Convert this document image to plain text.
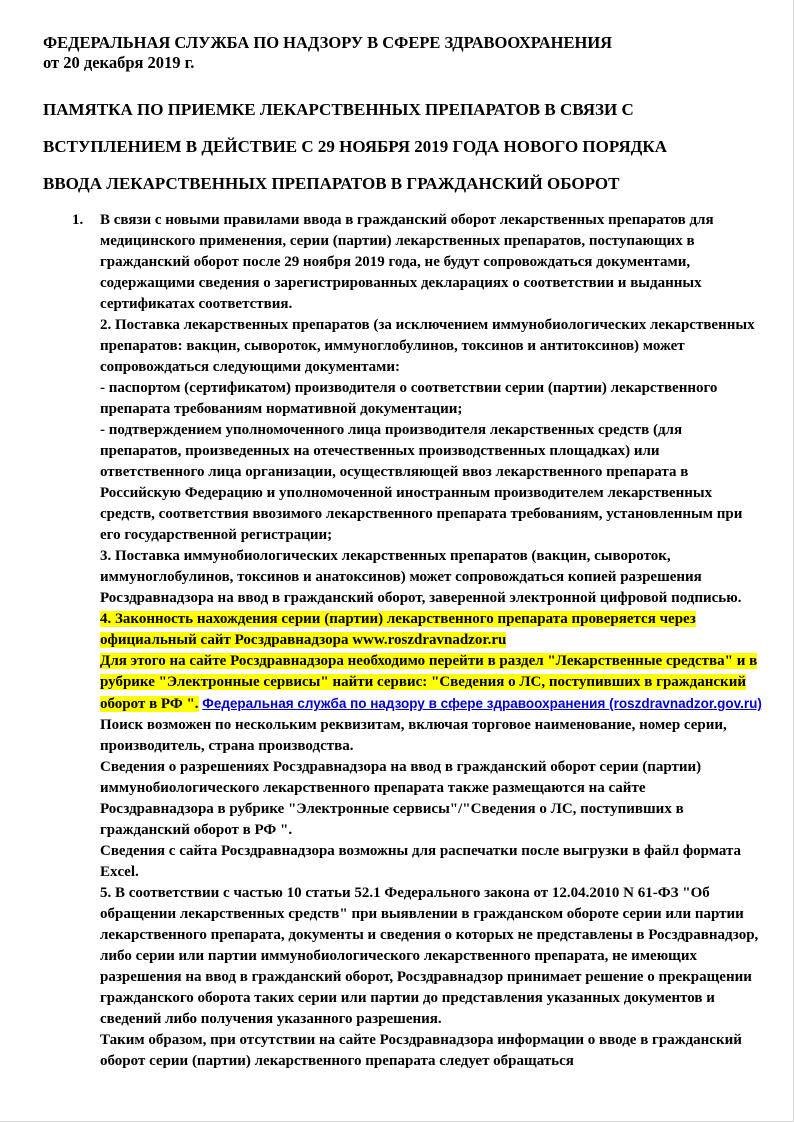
ФЕДЕРАЛЬНАЯ СЛУЖБА ПО НАДЗОРУ В СФЕРЕ ЗДРАВООХРАНЕНИЯ
от 20 декабря 2019 г.
ПАМЯТКА ПО ПРИЕМКЕ ЛЕКАРСТВЕННЫХ ПРЕПАРАТОВ В СВЯЗИ С
ВСТУПЛЕНИЕМ В ДЕЙСТВИЕ С 29 НОЯБРЯ 2019 ГОДА НОВОГО ПОРЯДКА
ВВОДА ЛЕКАРСТВЕННЫХ ПРЕПАРАТОВ В ГРАЖДАНСКИЙ ОБОРОТ
1. В связи с новыми правилами ввода в гражданский оборот лекарственных препаратов для медицинского применения, серии (партии) лекарственных препаратов, поступающих в гражданский оборот после 29 ноября 2019 года, не будут сопровождаться документами, содержащими сведения о зарегистрированных декларациях о соответствии и выданных сертификатах соответствия.
2. Поставка лекарственных препаратов (за исключением иммунобиологических лекарственных препаратов: вакцин, сывороток, иммуноглобулинов, токсинов и антитоксинов) может сопровождаться следующими документами:
- паспортом (сертификатом) производителя о соответствии серии (партии) лекарственного препарата требованиям нормативной документации;
- подтверждением уполномоченного лица производителя лекарственных средств (для препаратов, произведенных на отечественных производственных площадках) или ответственного лица организации, осуществляющей ввоз лекарственного препарата в Российскую Федерацию и уполномоченной иностранным производителем лекарственных средств, соответствия ввозимого лекарственного препарата требованиям, установленным при его государственной регистрации;
3. Поставка иммунобиологических лекарственных препаратов (вакцин, сывороток, иммуноглобулинов, токсинов и анатоксинов) может сопровождаться копией разрешения Росздравнадзора на ввод в гражданский оборот, заверенной электронной цифровой подписью.
4. Законность нахождения серии (партии) лекарственного препарата проверяется через официальный сайт Росздравнадзора www.roszdravnadzor.ru
Для этого на сайте Росздравнадзора необходимо перейти в раздел "Лекарственные средства" и в рубрике "Электронные сервисы" найти сервис: "Сведения о ЛС, поступивших в гражданский оборот в РФ ". Федеральная служба по надзору в сфере здравоохранения (roszdravnadzor.gov.ru)
Поиск возможен по нескольким реквизитам, включая торговое наименование, номер серии, производитель, страна производства.
Сведения о разрешениях Росздравнадзора на ввод в гражданский оборот серии (партии) иммунобиологического лекарственного препарата также размещаются на сайте Росздравнадзора в рубрике "Электронные сервисы"/"Сведения о ЛС, поступивших в гражданский оборот в РФ ".
Сведения с сайта Росздравнадзора возможны для распечатки после выгрузки в файл формата Excel.
5. В соответствии с частью 10 статьи 52.1 Федерального закона от 12.04.2010 N 61-ФЗ "Об обращении лекарственных средств" при выявлении в гражданском обороте серии или партии лекарственного препарата, документы и сведения о которых не представлены в Росздравнадзор, либо серии или партии иммунобиологического лекарственного препарата, не имеющих разрешения на ввод в гражданский оборот, Росздравнадзор принимает решение о прекращении гражданского оборота таких серии или партии до представления указанных документов и сведений либо получения указанного разрешения.
Таким образом, при отсутствии на сайте Росздравнадзора информации о вводе в гражданский оборот серии (партии) лекарственного препарата следует обращаться
